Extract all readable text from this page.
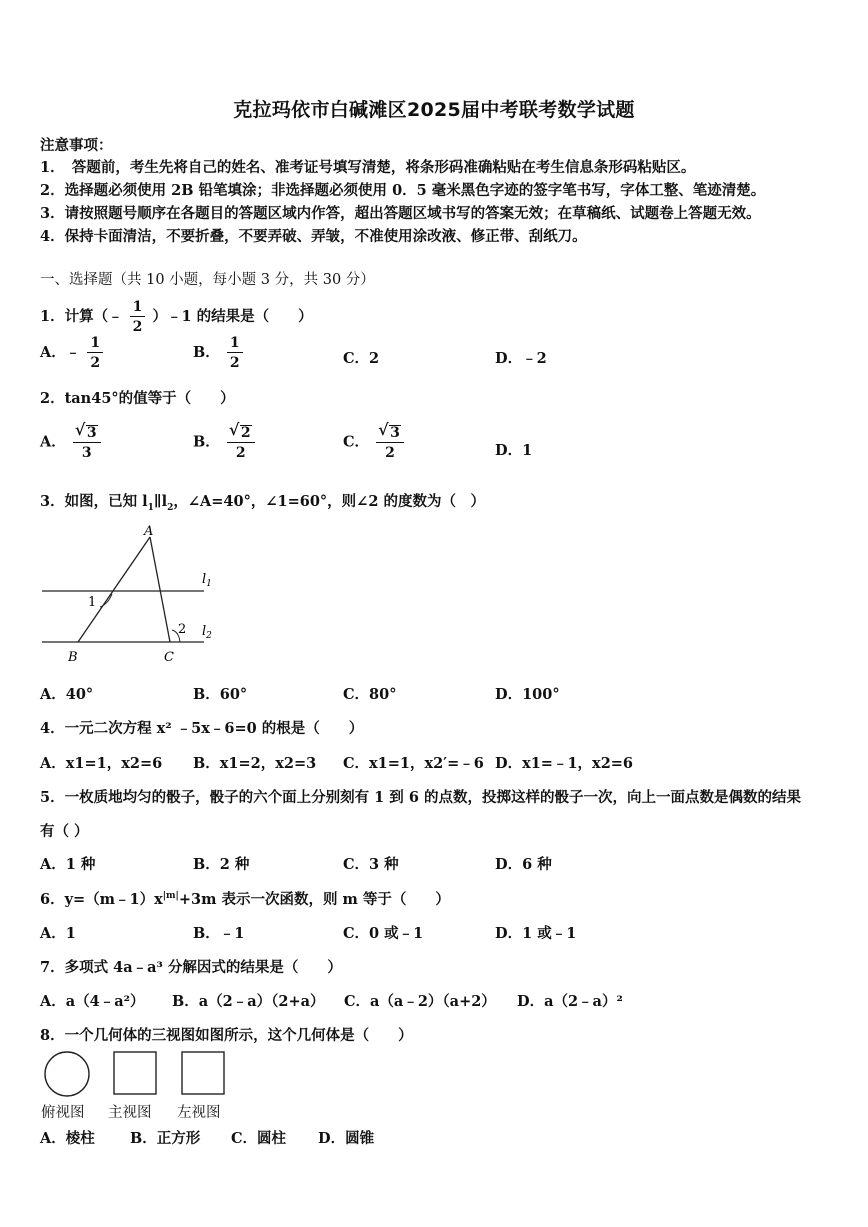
克拉玛依市白碱滩区2025届中考联考数学试题
注意事项：
1．　答题前，考生先将自己的姓名、准考证号填写清楚，将条形码准确粘贴在考生信息条形码粘贴区。
2．选择题必须使用 2B 铅笔填涂；非选择题必须使用 0．5 毫米黑色字迹的签字笔书写，字体工整、笔迹清楚。
3．请按照题号顺序在各题目的答题区域内作答，超出答题区域书写的答案无效；在草稿纸、试题卷上答题无效。
4．保持卡面清洁，不要折叠，不要弄破、弄皱，不准使用涂改液、修正带、刮纸刀。
一、选择题（共 10 小题，每小题 3 分，共 30 分）
1．计算（﹣ $\frac{1}{2}$ ）﹣1 的结果是（　　）
A．﹣ $\frac{1}{2}$	B． $\frac{1}{2}$	C．2	D．﹣2
2．tan45°的值等于（　　）
A． √ $\frac{3}{3}$	B． √ $\frac{2}{2}$	C． √ $\frac{3}{2}$	D．1
3．如图，已知 $l_1\parallel l_2$，∠A=40°，∠1=60°，则∠2 的度数为（　）
A
B	C
$l_1$
$l_2$
1
2
A．40°	B．60°	C．80°	D．100°
4．一元二次方程 x² ﹣5x﹣6=0 的根是（　　）
A．x1=1，x2=6 B．x1=2，x2=3 C．x1=1，x2′=﹣6 D．x1=﹣1，x2=6
5．一枚质地均匀的骰子，骰子的六个面上分别刻有 1 到 6 的点数，投掷这样的骰子一次，向上一面点数是偶数的结果
有（ ）
A．1 种	B．2 种	C．3 种	D．6 种
6．$y=(m﹣1)x^{|m|}+3m$ 表示一次函数，则 m 等于（　　）
A．1	B．﹣1	C．0 或﹣1	D．1 或﹣1
7．多项式 4a﹣a³ 分解因式的结果是（　　）
A．a（4﹣a²） B．a（2﹣a）（2+a） C．a（a﹣2）（a+2） D．a（2﹣a）²
8．一个几何体的三视图如图所示，这个几何体是（　　）
俯视图 主视图 左视图
A．棱柱 B．正方形 C．圆柱 D．圆锥
